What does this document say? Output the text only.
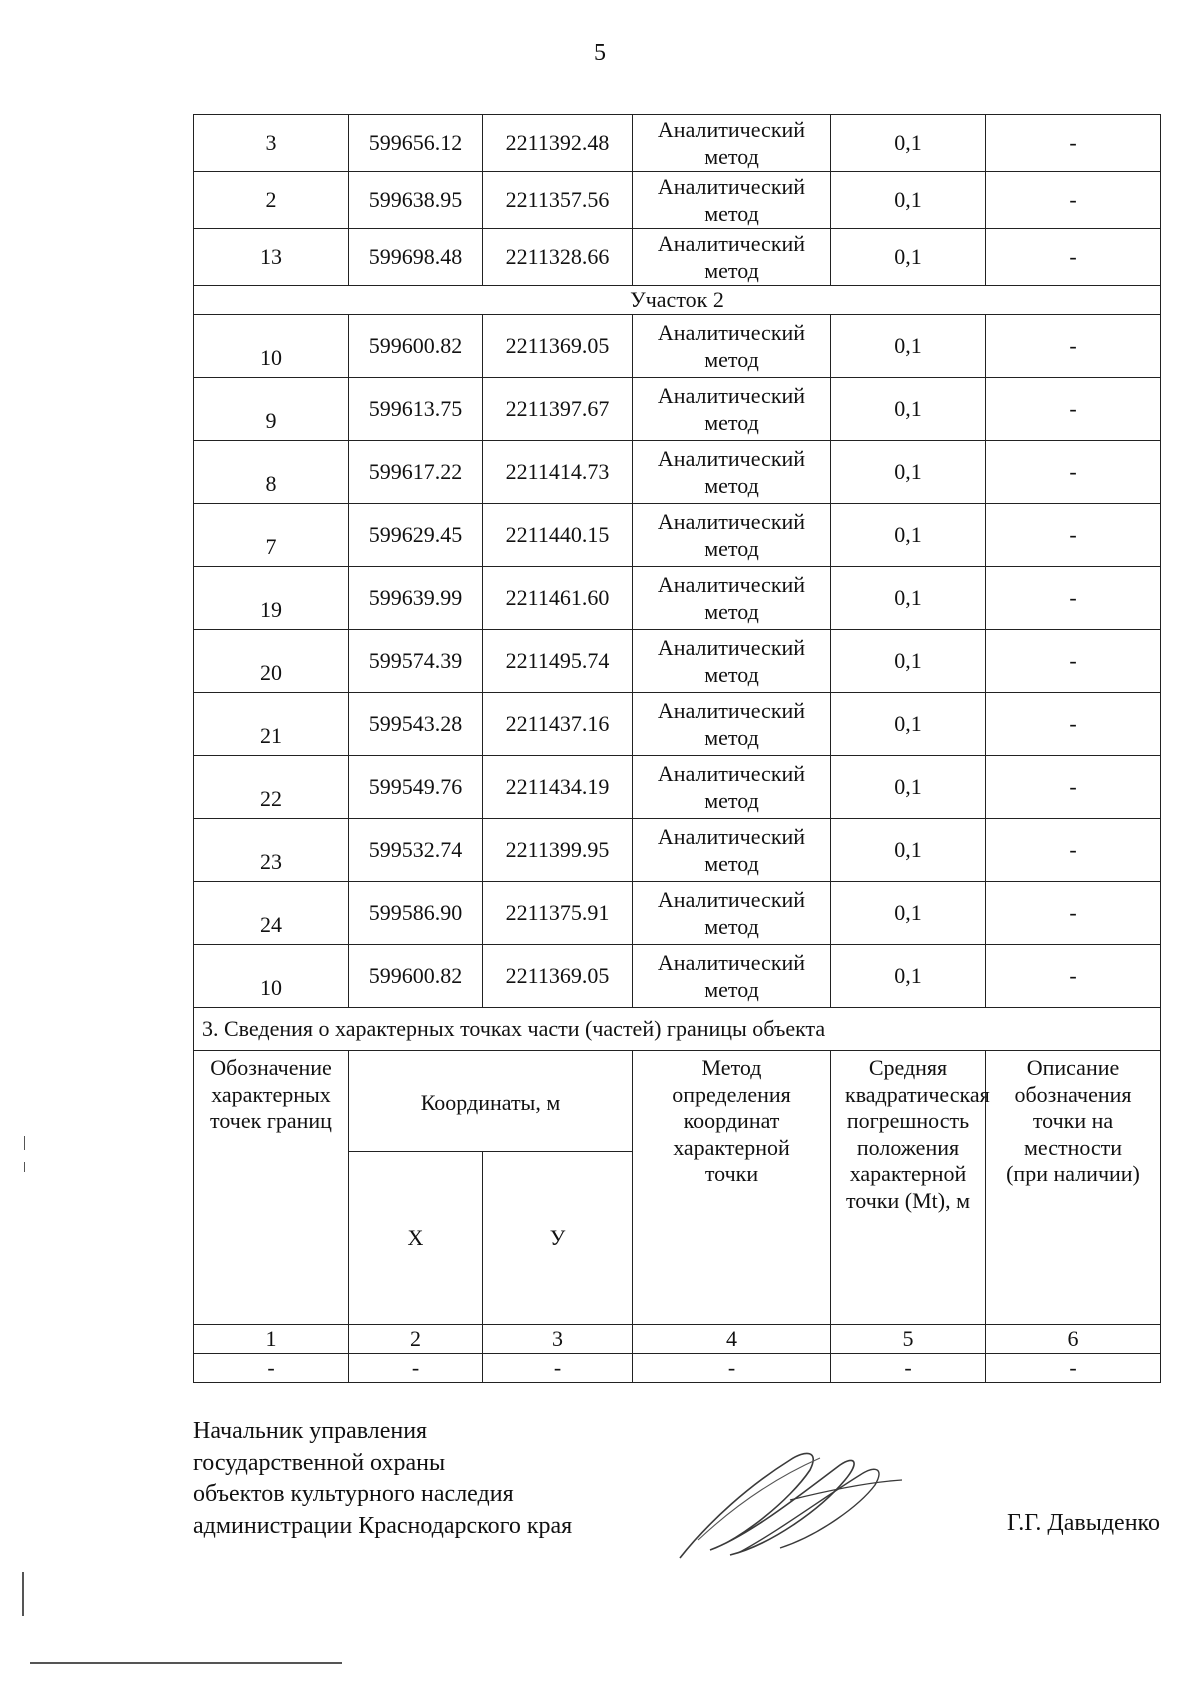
5
3	599656.12	2211392.48	Аналитический метод	0,1	-
2	599638.95	2211357.56	Аналитический метод	0,1	-
13	599698.48	2211328.66	Аналитический метод	0,1	-
Участок 2					
10	599600.82	2211369.05	Аналитический метод	0,1	-
9	599613.75	2211397.67	Аналитический метод	0,1	-
8	599617.22	2211414.73	Аналитический метод	0,1	-
7	599629.45	2211440.15	Аналитический метод	0,1	-
19	599639.99	2211461.60	Аналитический метод	0,1	-
20	599574.39	2211495.74	Аналитический метод	0,1	-
21	599543.28	2211437.16	Аналитический метод	0,1	-
22	599549.76	2211434.19	Аналитический метод	0,1	-
23	599532.74	2211399.95	Аналитический метод	0,1	-
24	599586.90	2211375.91	Аналитический метод	0,1	-
10	599600.82	2211369.05	Аналитический метод	0,1	-
3. Сведения о характерных точках части (частей) границы объекта					
Обозначение характерных точек границ	Координаты, м		Метод определения координат характерной точки	Средняя квадратическая погрешность положения характерной точки (Mt), м	Описание обозначения точки на местности (при наличии)
	X	У			
1	2	3	4	5	6
-	-	-	-	-	-
Начальник управления
государственной охраны
объектов культурного наследия
администрации Краснодарского края	Г.Г. Давыденко
